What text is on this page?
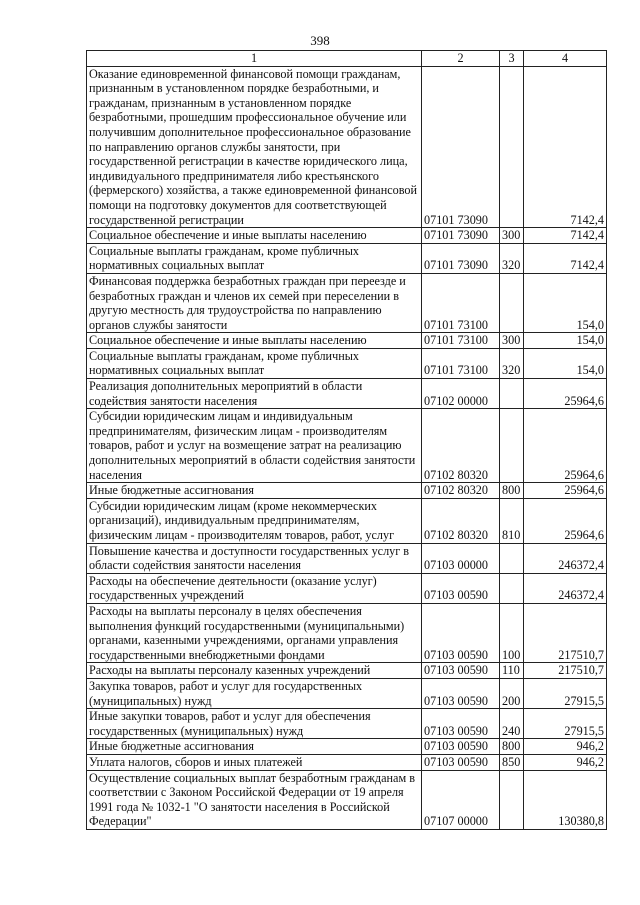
398
1	2	3	4
Оказание единовременной финансовой помощи гражданам, признанным в установленном порядке безработными, и гражданам, признанным в установленном порядке безработными, прошедшим профессиональное обучение или получившим дополнительное профессиональное образование по направлению органов службы занятости, при государственной регистрации в качестве юридического лица, индивидуального предпринимателя либо крестьянского (фермерского) хозяйства, а также единовременной финансовой помощи на подготовку документов для соответствующей государственной регистрации	07101 73090		7142,4
Социальное обеспечение и иные выплаты населению	07101 73090	300	7142,4
Социальные выплаты гражданам, кроме публичных нормативных социальных выплат	07101 73090	320	7142,4
Финансовая поддержка безработных граждан при переезде и безработных граждан и членов их семей при переселении в другую местность для трудоустройства по направлению органов службы занятости	07101 73100		154,0
Социальное обеспечение и иные выплаты населению	07101 73100	300	154,0
Социальные выплаты гражданам, кроме публичных нормативных социальных выплат	07101 73100	320	154,0
Реализация дополнительных мероприятий в области содействия занятости населения	07102 00000		25964,6
Субсидии юридическим лицам и индивидуальным предпринимателям, физическим лицам - производителям товаров, работ и услуг на возмещение затрат на реализацию дополнительных мероприятий в области содействия занятости населения	07102 80320		25964,6
Иные бюджетные ассигнования	07102 80320	800	25964,6
Субсидии юридическим лицам (кроме некоммерческих организаций), индивидуальным предпринимателям, физическим лицам - производителям товаров, работ, услуг	07102 80320	810	25964,6
Повышение качества и доступности государственных услуг в области содействия занятости населения	07103 00000		246372,4
Расходы на обеспечение деятельности (оказание услуг) государственных учреждений	07103 00590		246372,4
Расходы на выплаты персоналу в целях обеспечения выполнения функций государственными (муниципальными) органами, казенными учреждениями, органами управления государственными внебюджетными фондами	07103 00590	100	217510,7
Расходы на выплаты персоналу казенных учреждений	07103 00590	110	217510,7
Закупка товаров, работ и услуг для государственных (муниципальных) нужд	07103 00590	200	27915,5
Иные закупки товаров, работ и услуг для обеспечения государственных (муниципальных) нужд	07103 00590	240	27915,5
Иные бюджетные ассигнования	07103 00590	800	946,2
Уплата налогов, сборов и иных платежей	07103 00590	850	946,2
Осуществление социальных выплат безработным гражданам в соответствии с Законом Российской Федерации от 19 апреля 1991 года № 1032-1 "О занятости населения в Российской Федерации"	07107 00000		130380,8
